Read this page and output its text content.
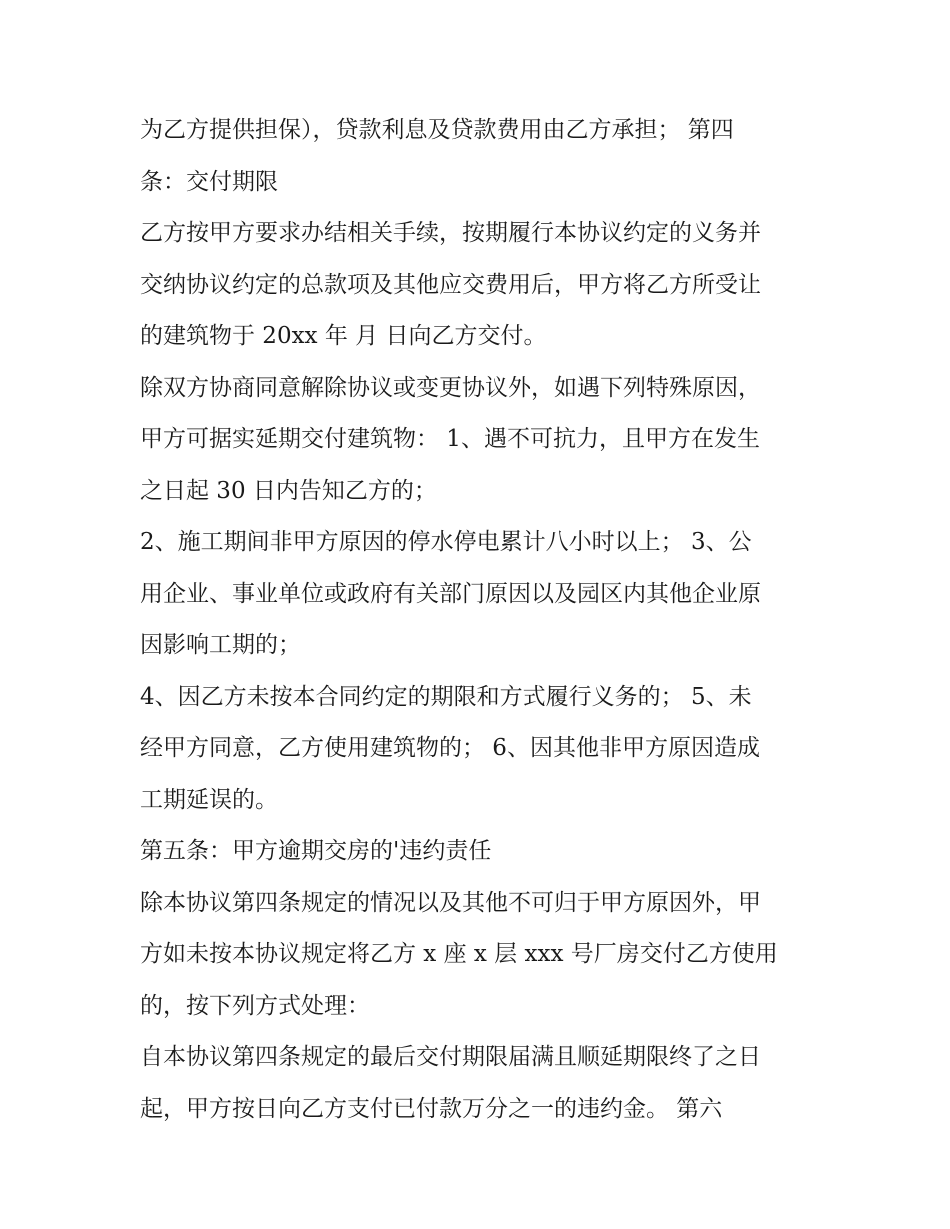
为乙方提供担保），贷款利息及贷款费用由乙方承担； 第四
条：交付期限
乙方按甲方要求办结相关手续，按期履行本协议约定的义务并
交纳协议约定的总款项及其他应交费用后，甲方将乙方所受让
的建筑物于 20xx 年 月 日向乙方交付。
除双方协商同意解除协议或变更协议外，如遇下列特殊原因，
甲方可据实延期交付建筑物： 1、遇不可抗力，且甲方在发生
之日起 30 日内告知乙方的；
2、施工期间非甲方原因的停水停电累计八小时以上； 3、公
用企业、事业单位或政府有关部门原因以及园区内其他企业原
因影响工期的；
4、因乙方未按本合同约定的期限和方式履行义务的； 5、未
经甲方同意，乙方使用建筑物的； 6、因其他非甲方原因造成
工期延误的。
第五条：甲方逾期交房的'违约责任
除本协议第四条规定的情况以及其他不可归于甲方原因外，甲
方如未按本协议规定将乙方 x 座 x 层 xxx 号厂房交付乙方使用
的，按下列方式处理：
自本协议第四条规定的最后交付期限届满且顺延期限终了之日
起，甲方按日向乙方支付已付款万分之一的违约金。 第六
